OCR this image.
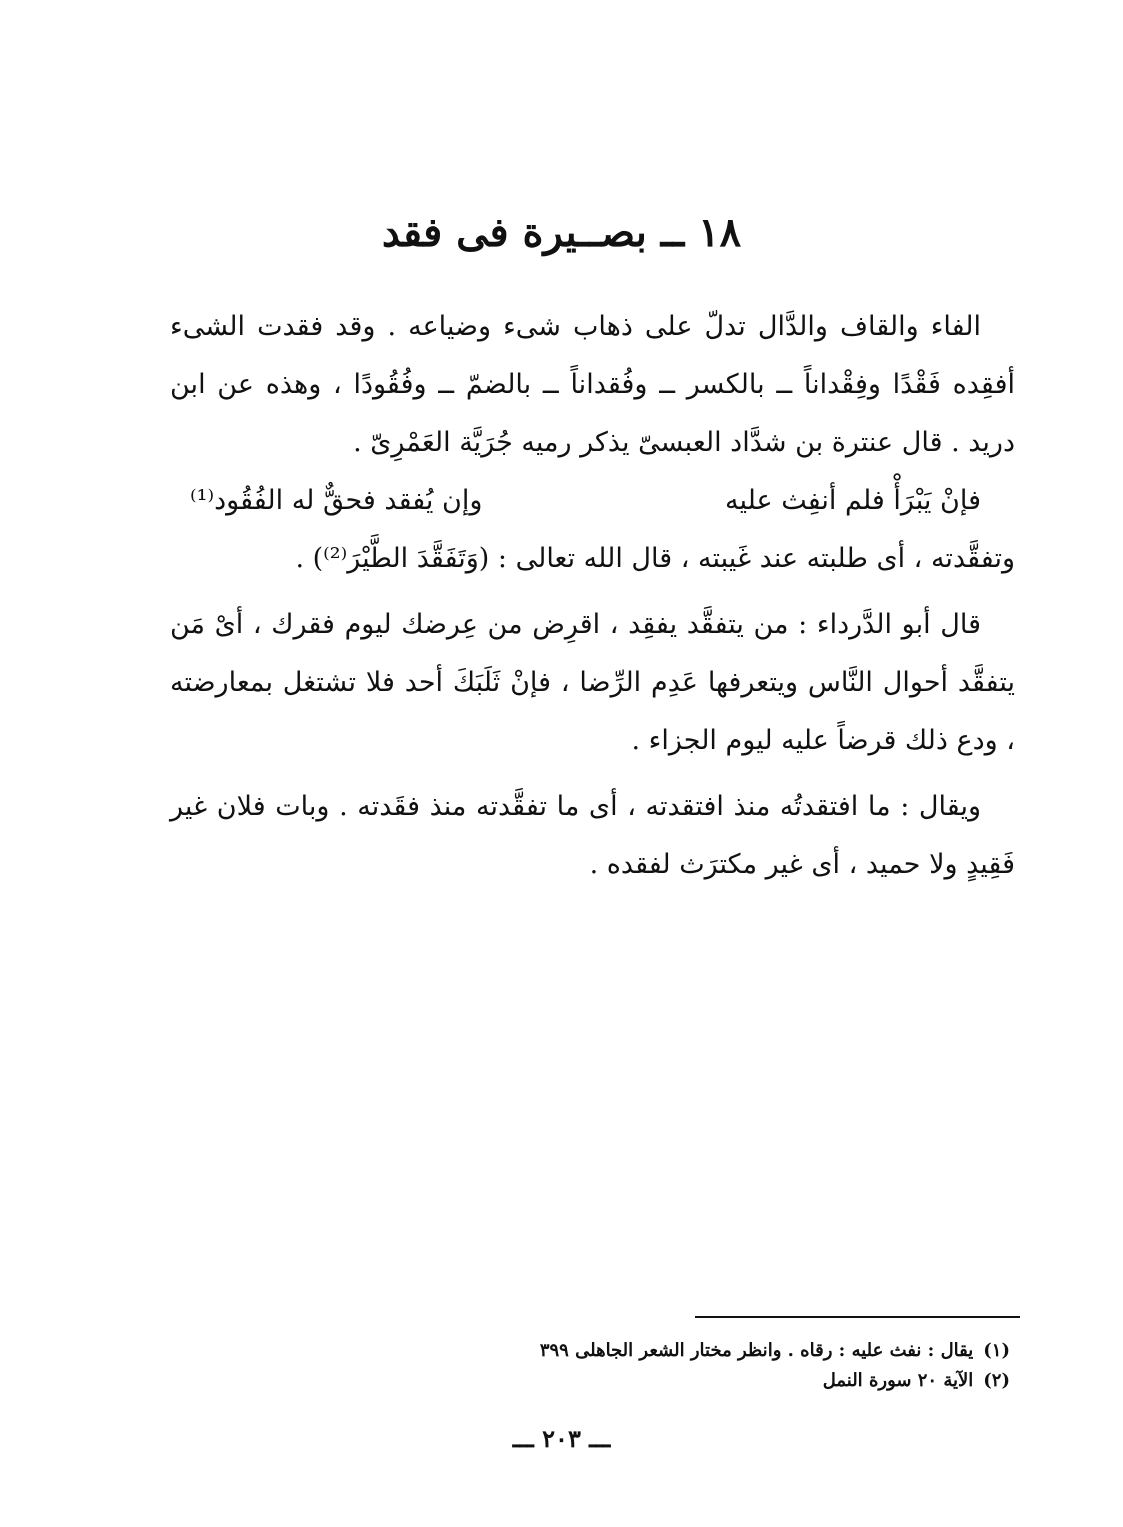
١٨ ــ بصــيرة فى فقد

الفاء والقاف والدَّال تدلّ على ذهاب شىء وضياعه . وقد فقدت الشىء أفقِده فَقْدًا وفِقْداناً ــ بالكسر ــ وفُقداناً ــ بالضمّ ــ وفُقُودًا ، وهذه عن ابن دريد . قال عنترة بن شدَّاد العبسىّ يذكر رميه جُرَيَّة العَمْرِىّ .

فإنْ يَبْرَأْ فلم أنفِث عليه
وإن يُفقد فحقٌّ له الفُقُود⁽¹⁾

وتفقَّدته ، أى طلبته عند غَيبته ، قال الله تعالى : (وَتَفَقَّدَ الطَّيْرَ⁽²⁾) .

قال أبو الدَّرداء : من يتفقَّد يفقِد ، اقرِض من عِرضك ليوم فقرك ، أىْ مَن يتفقَّد أحوال النَّاس ويتعرفها عَدِم الرِّضا ، فإنْ ثَلَبَكَ أحد فلا تشتغل بمعارضته ، ودع ذلك قرضاً عليه ليوم الجزاء .

ويقال : ما افتقدتُه منذ افتقدته ، أى ما تفقَّدته منذ فقَدته . وبات فلان غير فَقِيدٍ ولا حميد ، أى غير مكترَث لفقده .

(١)
يقال : نفث عليه : رقاه . وانظر مختار الشعر الجاهلى ٣٩٩
(٢)
الآية ٢٠ سورة النمل
ـــ ٢٠٣ ـــ
